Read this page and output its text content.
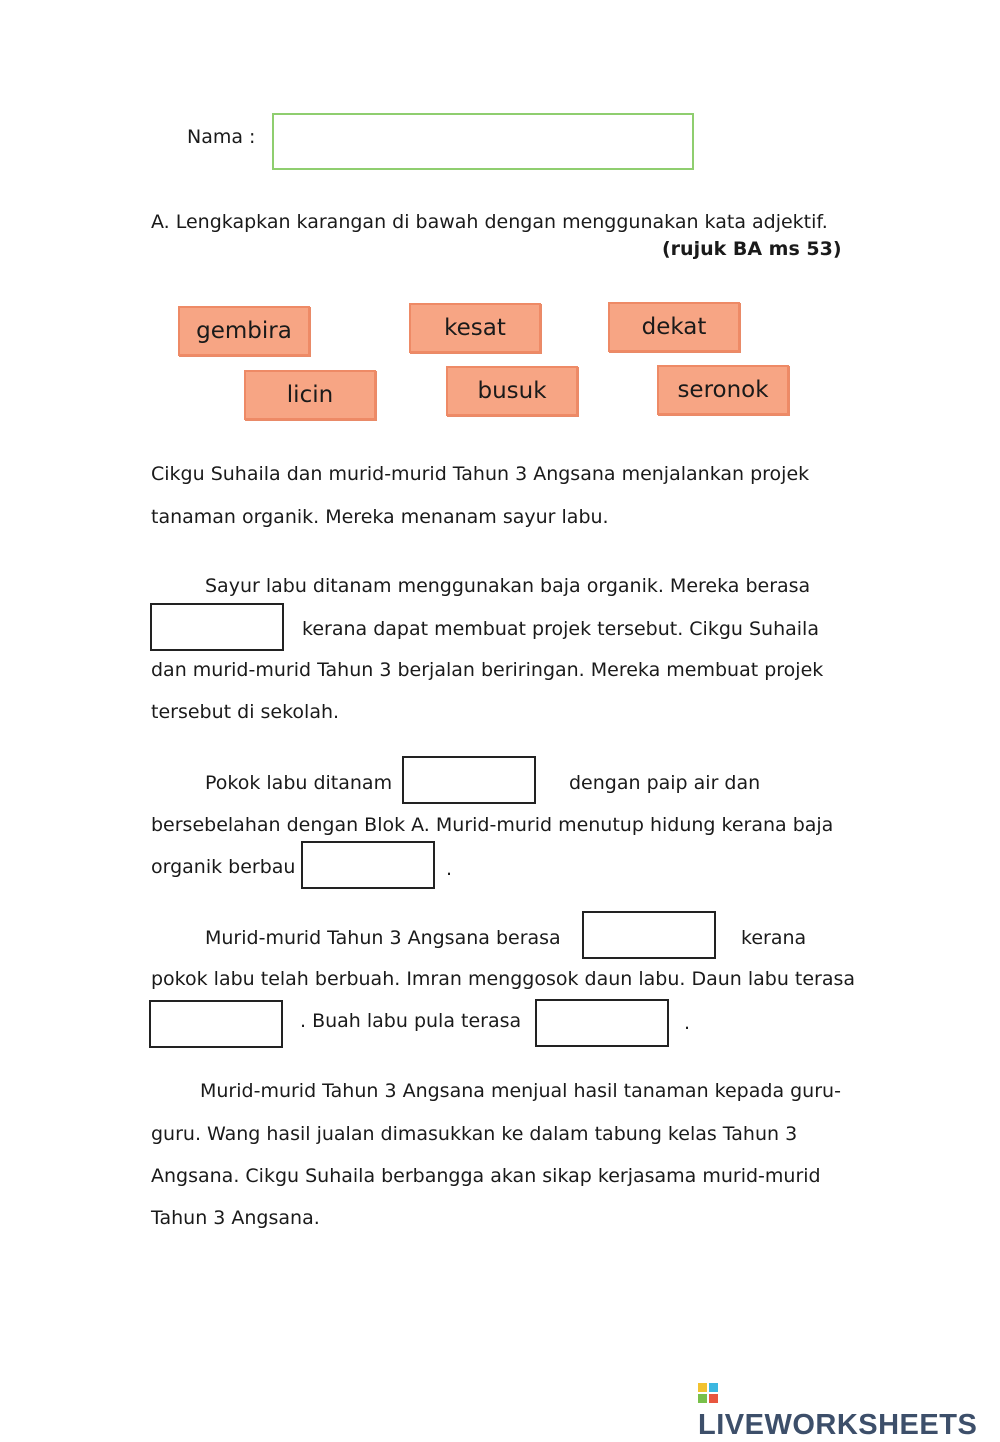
Nama :
A. Lengkapkan karangan di bawah dengan menggunakan kata adjektif.
(rujuk BA ms 53)
gembira	kesat	dekat
licin	busuk	seronok
Cikgu Suhaila dan murid-murid Tahun 3 Angsana menjalankan projek
tanaman organik. Mereka menanam sayur labu.
Sayur labu ditanam menggunakan baja organik. Mereka berasa
kerana dapat membuat projek tersebut. Cikgu Suhaila
dan murid-murid Tahun 3 berjalan beriringan. Mereka membuat projek
tersebut di sekolah.
Pokok labu ditanam	dengan paip air dan
bersebelahan dengan Blok A. Murid-murid menutup hidung kerana baja
organik berbau	.
Murid-murid Tahun 3 Angsana berasa	kerana
pokok labu telah berbuah. Imran menggosok daun labu. Daun labu terasa
. Buah labu pula terasa	.
Murid-murid Tahun 3 Angsana menjual hasil tanaman kepada guru-
guru. Wang hasil jualan dimasukkan ke dalam tabung kelas Tahun 3
Angsana. Cikgu Suhaila berbangga akan sikap kerjasama murid-murid
Tahun 3 Angsana.
LIVEWORKSHEETS
